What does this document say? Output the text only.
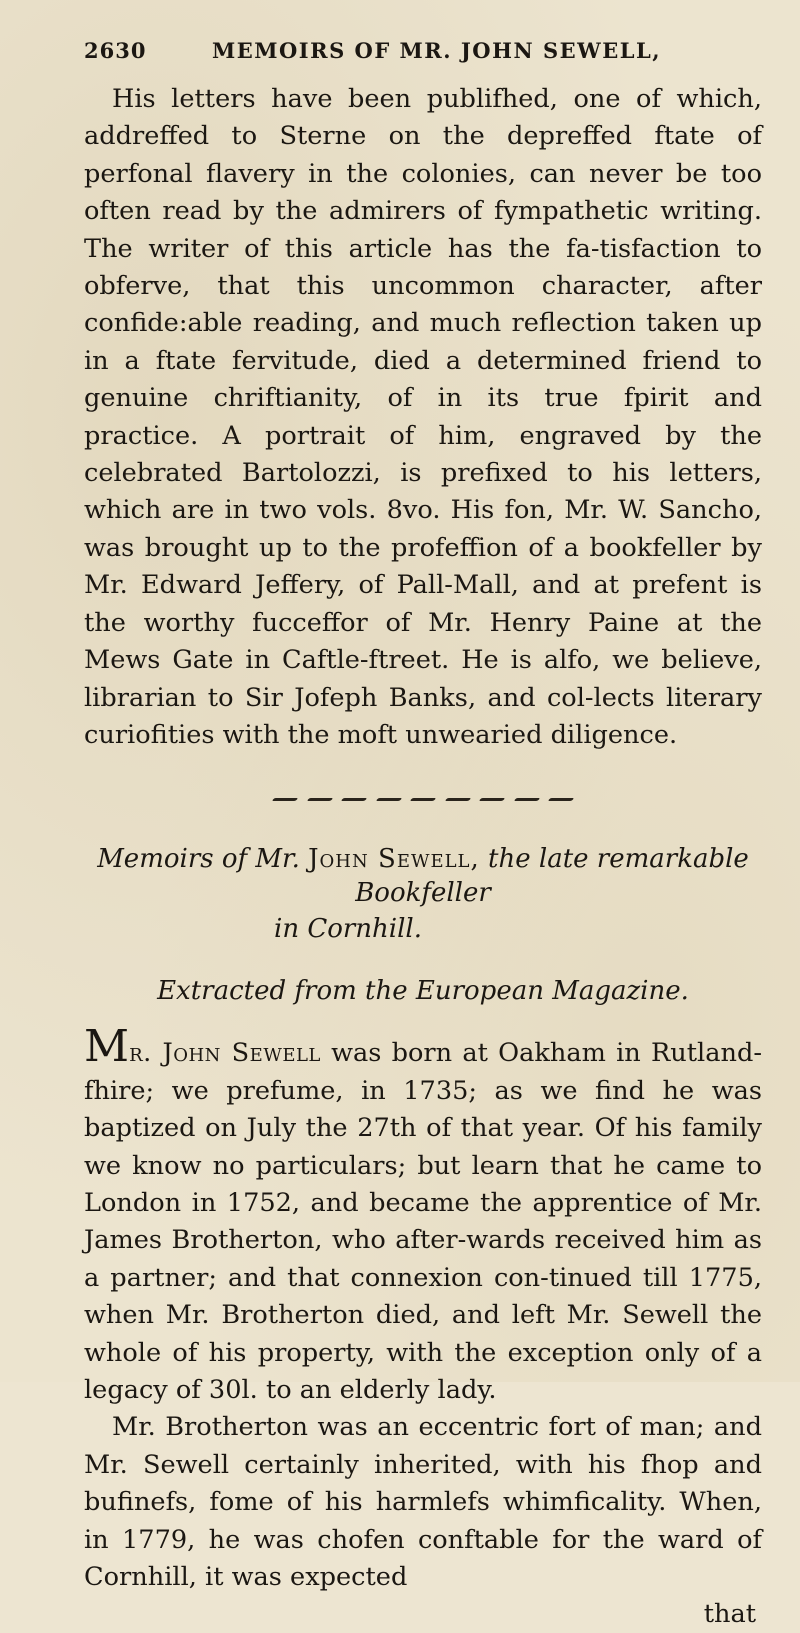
2630	MEMOIRS OF MR. JOHN SEWELL,

His letters have been publifhed, one of which, addreffed to Sterne on the depreffed ftate of perfonal flavery in the colonies, can never be too often read by the admirers of fympathetic writing. The writer of this article has the fa-tisfaction to obferve, that this uncommon character, after confide:able reading, and much reflection taken up in a ftate fervitude, died a determined friend to genuine chriftianity, of in its true fpirit and practice. A portrait of him, engraved by the celebrated Bartolozzi, is prefixed to his letters, which are in two vols. 8vo. His fon, Mr. W. Sancho, was brought up to the profeffion of a bookfeller by Mr. Edward Jeffery, of Pall-Mall, and at prefent is the worthy fucceffor of Mr. Henry Paine at the Mews Gate in Caftle-ftreet. He is alfo, we believe, librarian to Sir Jofeph Banks, and col-lects literary curiofities with the moft unwearied diligence.

Memoirs of Mr. John Sewell, the late remarkable Bookfeller
in Cornhill.
Extracted from the European Magazine.

Mr. John Sewell was born at Oakham in Rutland-fhire; we prefume, in 1735; as we find he was baptized on July the 27th of that year. Of his family we know no particulars; but learn that he came to London in 1752, and became the apprentice of Mr. James Brotherton, who after-wards received him as a partner; and that connexion con-tinued till 1775, when Mr. Brotherton died, and left Mr. Sewell the whole of his property, with the exception only of a legacy of 30l. to an elderly lady.

Mr. Brotherton was an eccentric fort of man; and Mr. Sewell certainly inherited, with his fhop and bufinefs, fome of his harmlefs whimficality. When, in 1779, he was chofen conftable for the ward of Cornhill, it was expected

that
